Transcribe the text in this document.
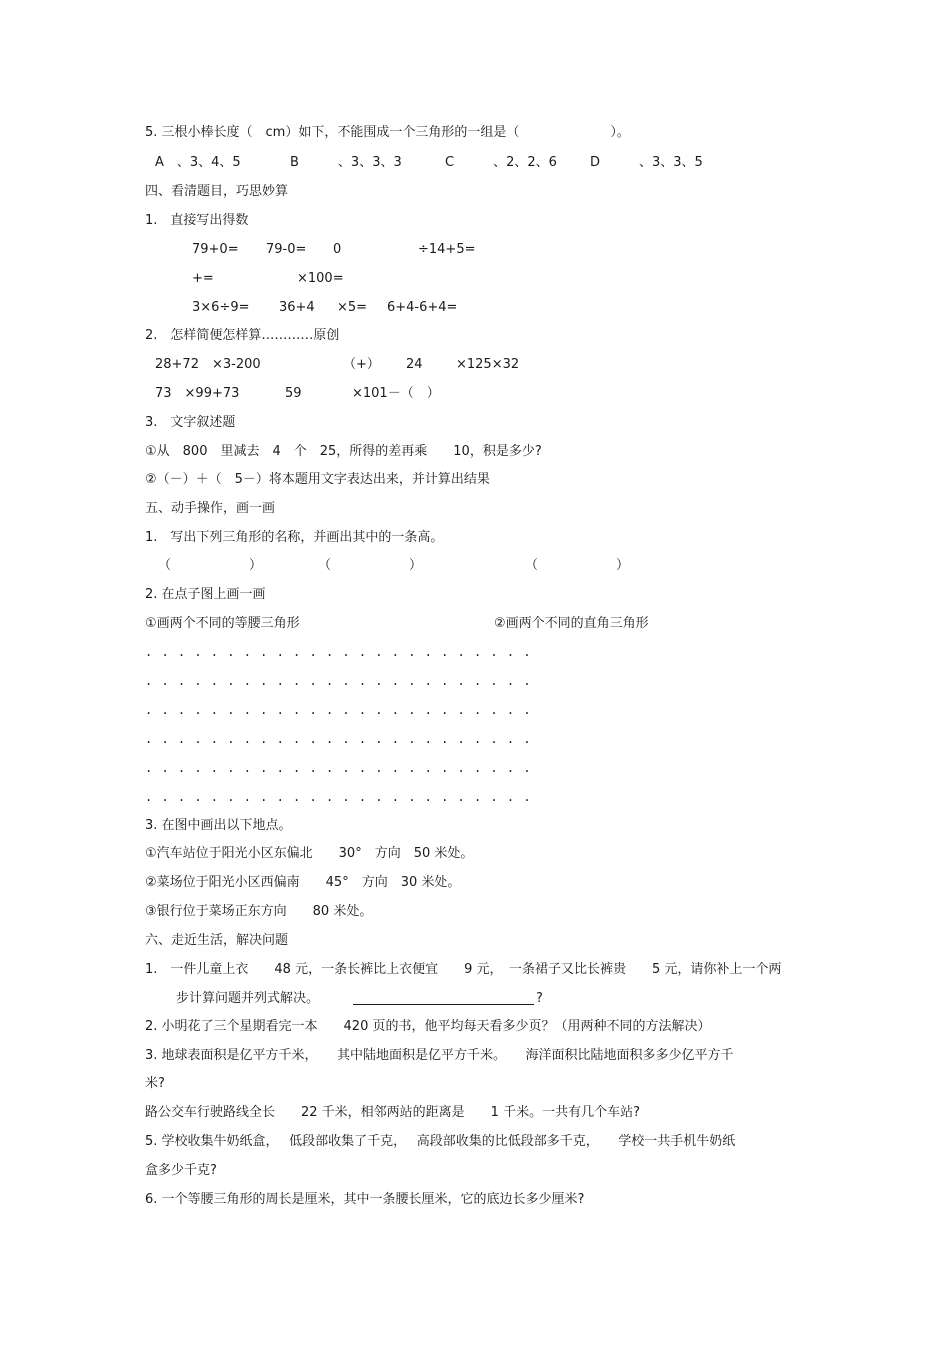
5. 三根小棒长度（　cm）如下，不能围成一个三角形的一组是（　　　　　　　）。
A　、3、4、5	B　　　、3、3、3	C　　　、2、2、6	D　　　、3、3、5
四、看清题目，巧思妙算
1.　直接写出得数
79+0= 79-0= 0	÷14+5=
+=	×100=
3×6÷9= 36+4 ×5= 6+4-6+4=
2.　怎样简便怎样算…………原创
28+72　×3-200	（+） 24	×125×32
73　×99+73	59	×101－（　）
3.　文字叙述题
①从　800　里减去　4　个　25，所得的差再乘　　10，积是多少?
②（－）＋（　5－）将本题用文字表达出来，并计算出结果
五、动手操作，画一画
1.　写出下列三角形的名称，并画出其中的一条高。
（　　　　　　）	（　　　　　　）	（　　　　　　）
2. 在点子图上画一画
①画两个不同的等腰三角形	②画两个不同的直角三角形
. . . . . . . . . . . . . . . . . . . . . . . .
. . . . . . . . . . . . . . . . . . . . . . . .
. . . . . . . . . . . . . . . . . . . . . . . .
. . . . . . . . . . . . . . . . . . . . . . . .
. . . . . . . . . . . . . . . . . . . . . . . .
. . . . . . . . . . . . . . . . . . . . . . . .
3. 在图中画出以下地点。
①汽车站位于阳光小区东偏北　　30°　方向　50 米处。
②菜场位于阳光小区西偏南　　45°　方向　30 米处。
③银行位于菜场正东方向　　80 米处。
六、走近生活，解决问题
1.　一件儿童上衣　　48 元，一条长裤比上衣便宜　　9 元，　一条裙子又比长裤贵　　5 元，请你补上一个两
步计算问题并列式解决。	?
2. 小明花了三个星期看完一本　　420 页的书，他平均每天看多少页？（用两种不同的方法解决）
3. 地球表面积是亿平方千米，　　其中陆地面积是亿平方千米。　　海洋面积比陆地面积多多少亿平方千
米?
路公交车行驶路线全长　　22 千米，相邻两站的距离是　　1 千米。一共有几个车站?
5. 学校收集牛奶纸盒，　 低段部收集了千克，　 高段部收集的比低段部多千克，　　学校一共手机牛奶纸
盒多少千克?
6. 一个等腰三角形的周长是厘米，其中一条腰长厘米，它的底边长多少厘米?
